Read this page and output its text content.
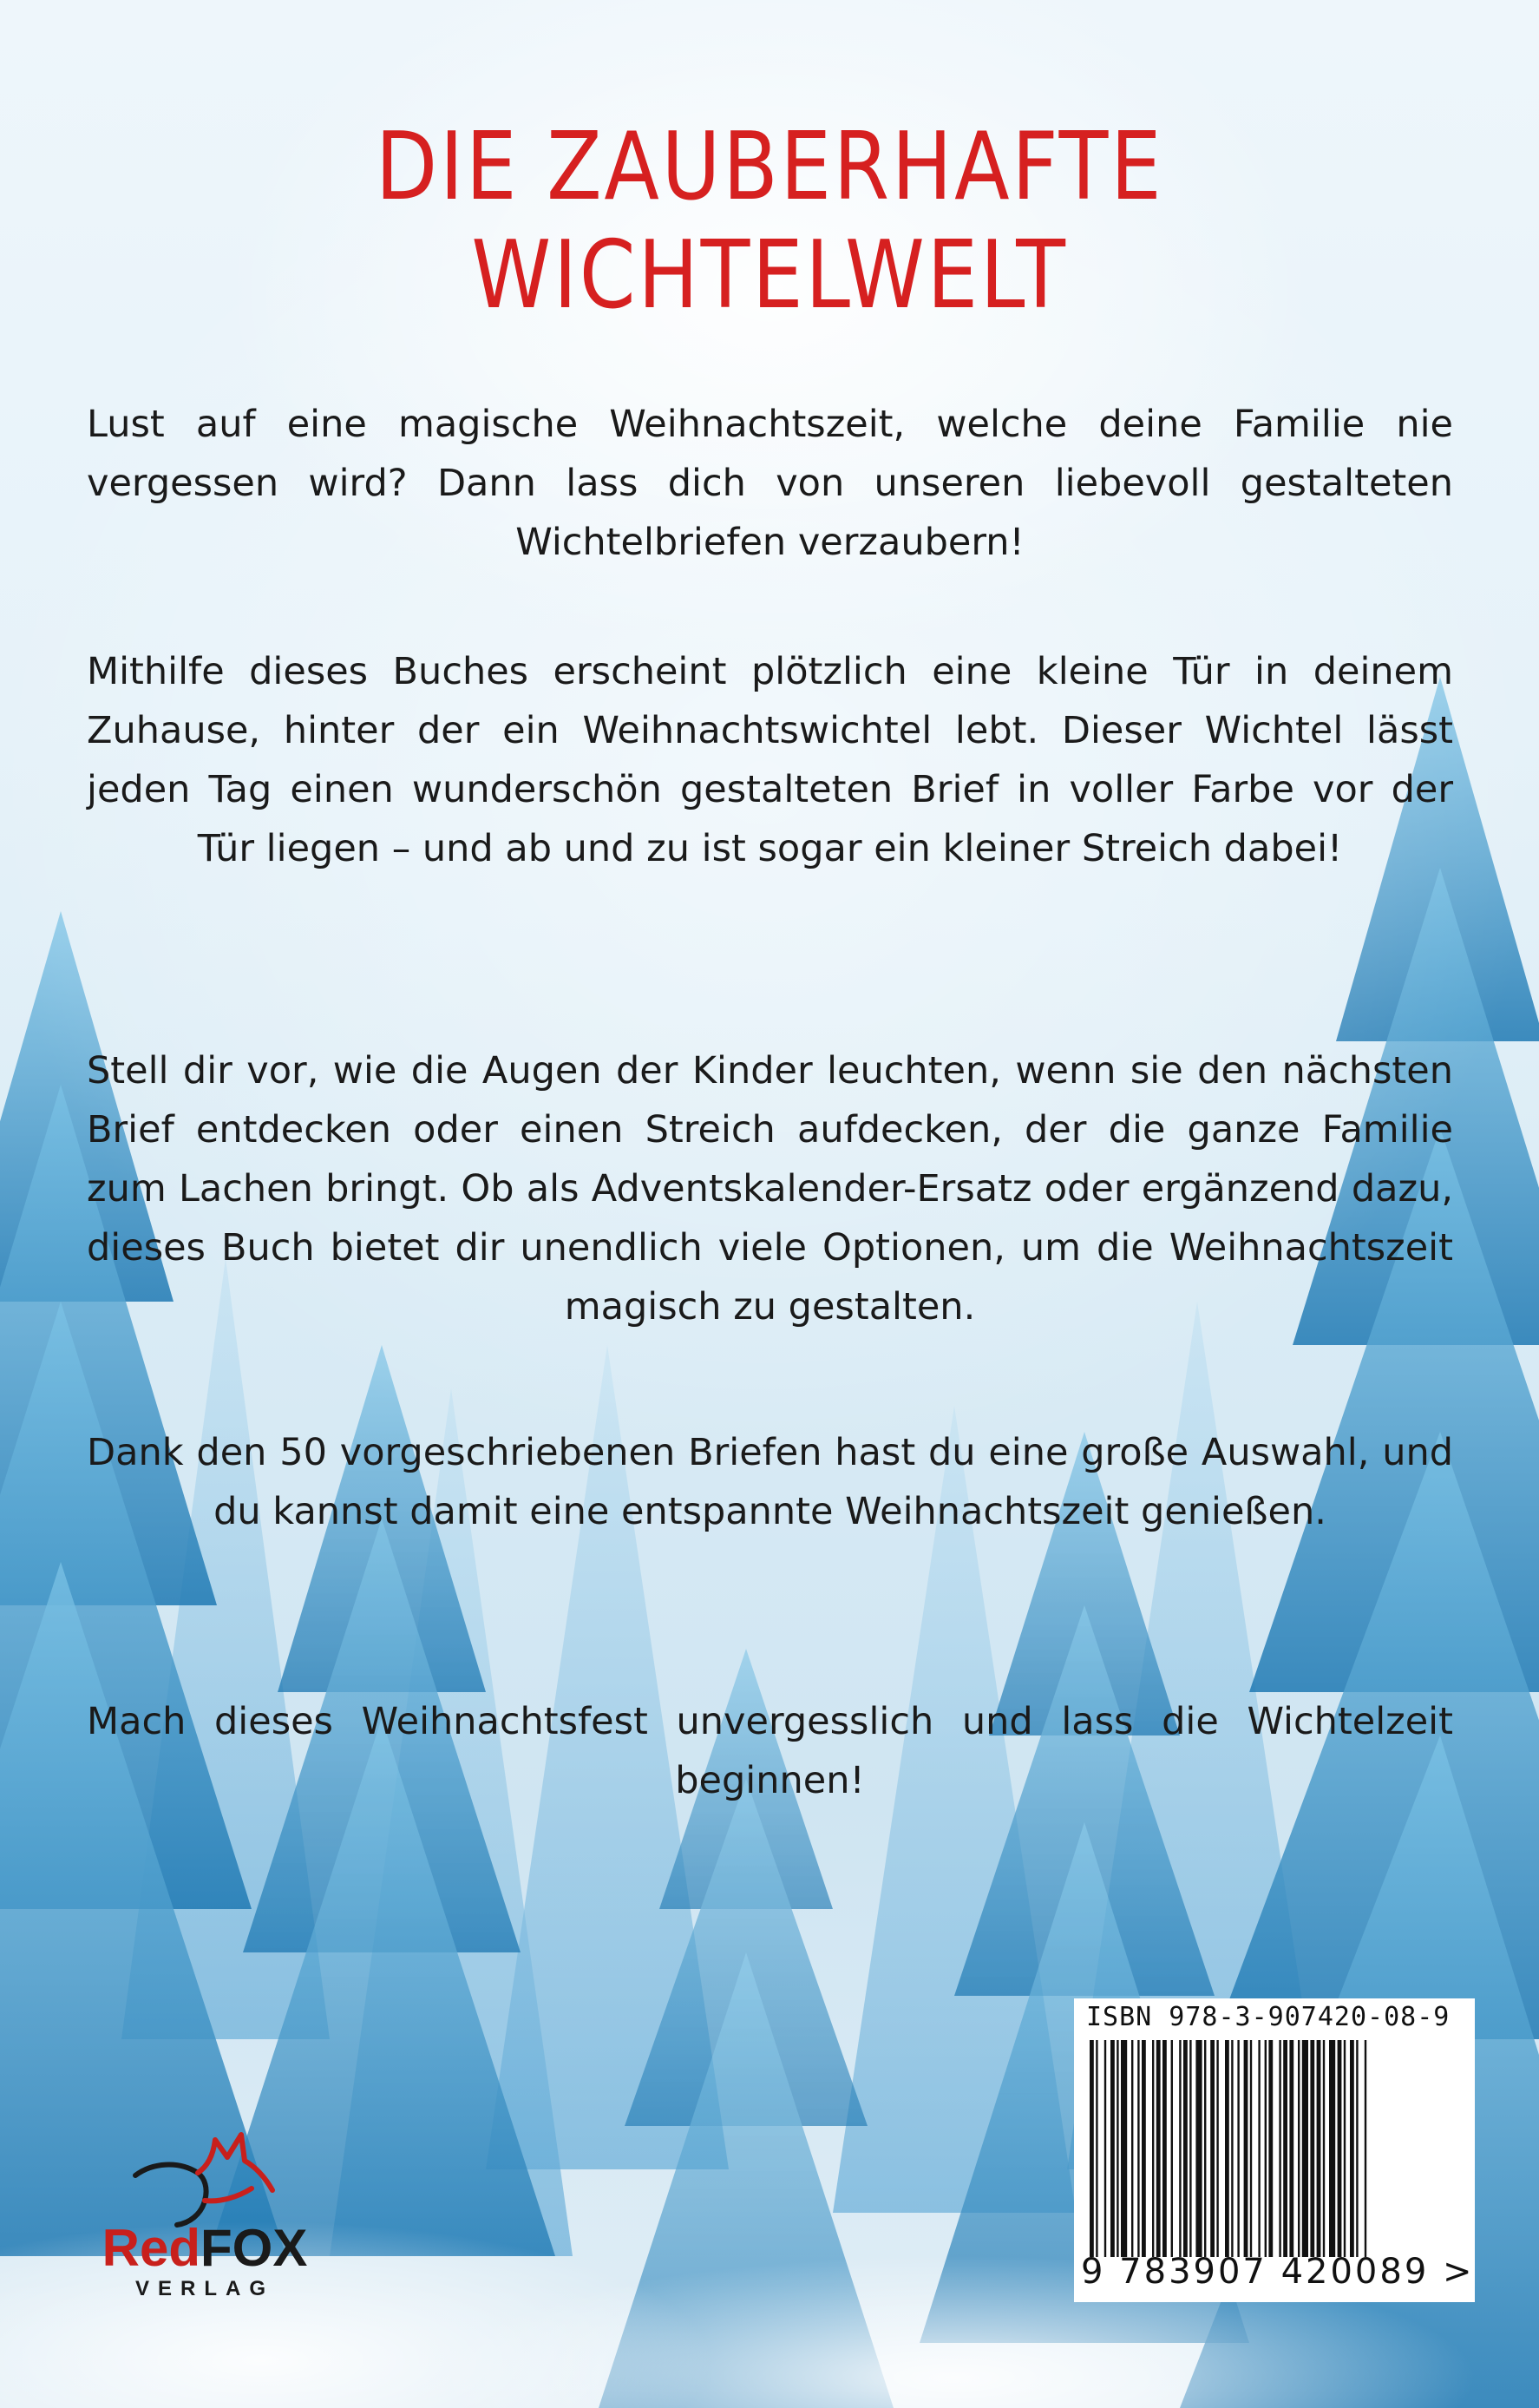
DIE ZAUBERHAFTE WICHTELWELT

Lust auf eine magische Weihnachtszeit, welche deine Familie nie vergessen wird? Dann lass dich von unseren liebevoll gestalteten Wichtelbriefen verzaubern!

Mithilfe dieses Buches erscheint plötzlich eine kleine Tür in deinem Zuhause, hinter der ein Weihnachtswichtel lebt. Dieser Wichtel lässt jeden Tag einen wunderschön gestalteten Brief in voller Farbe vor der Tür liegen – und ab und zu ist sogar ein kleiner Streich dabei!

Stell dir vor, wie die Augen der Kinder leuchten, wenn sie den nächsten Brief entdecken oder einen Streich aufdecken, der die ganze Familie zum Lachen bringt. Ob als Adventskalender-Ersatz oder ergänzend dazu, dieses Buch bietet dir unendlich viele Optionen, um die Weihnachtszeit magisch zu gestalten.

Dank den 50 vorgeschriebenen Briefen hast du eine große Auswahl, und du kannst damit eine entspannte Weihnachtszeit genießen.

Mach dieses Weihnachtsfest unvergesslich und lass die Wichtelzeit beginnen!

ISBN 978-3-907420-08-9
9 783907 420089 >
RedFOX
VERLAG
